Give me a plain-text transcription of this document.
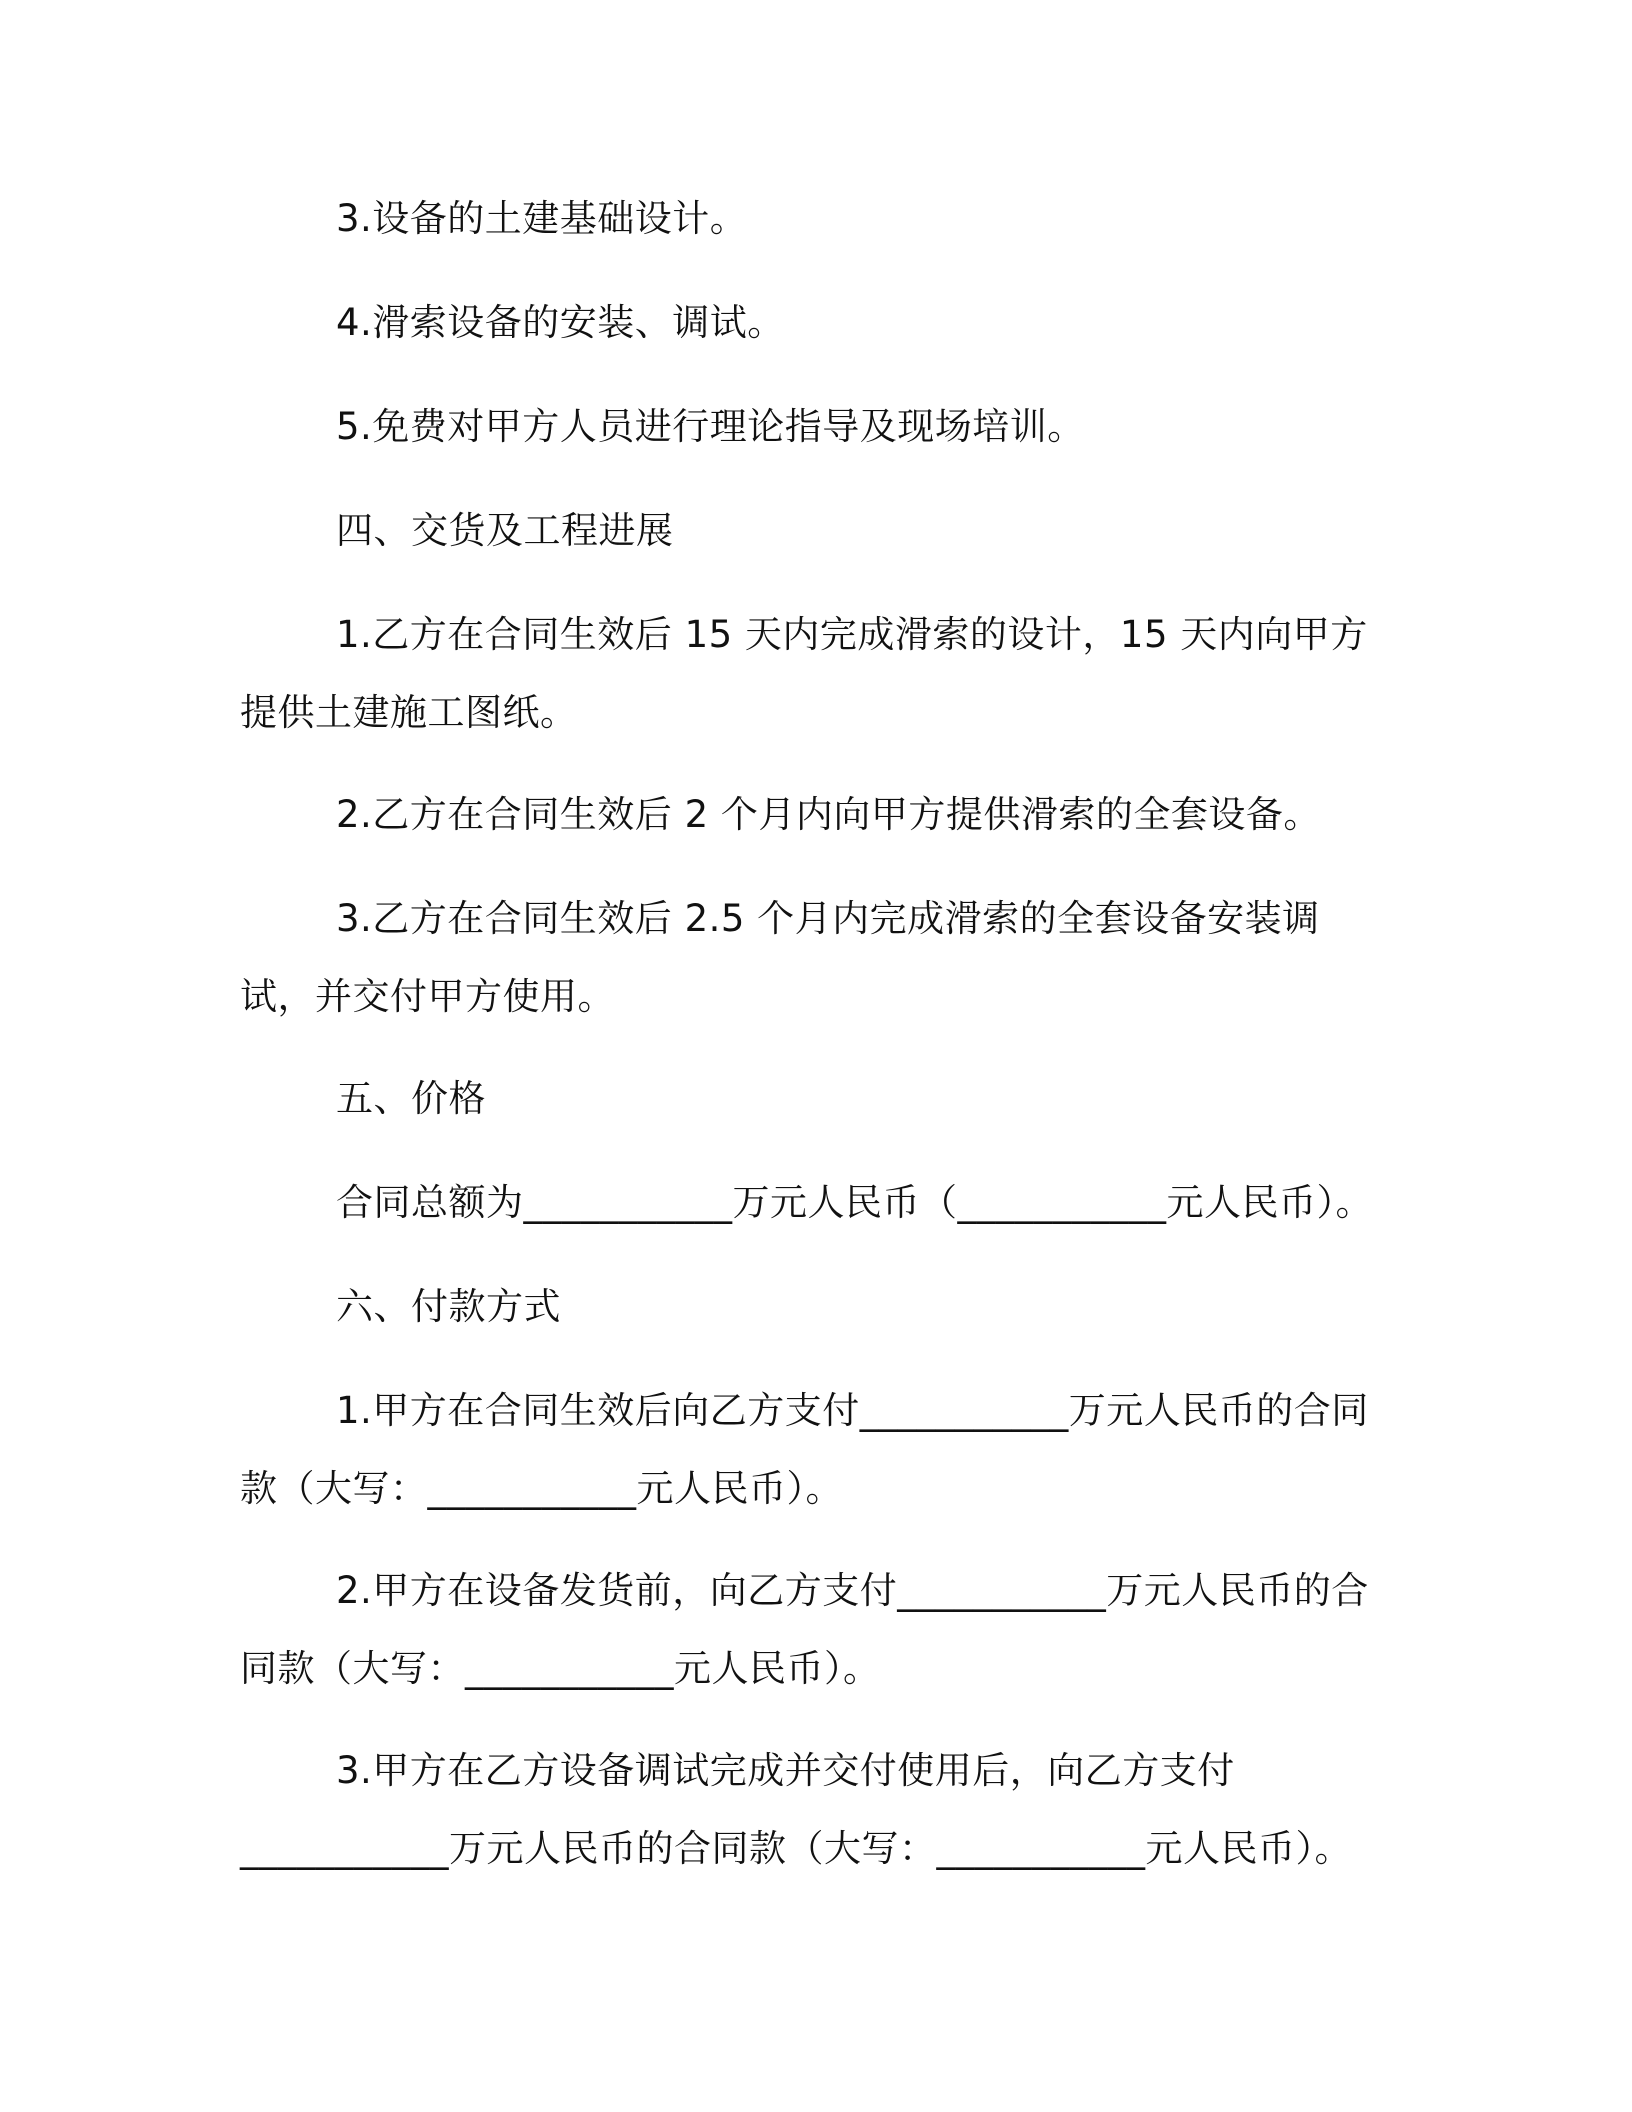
3.设备的土建基础设计。

4.滑索设备的安装、调试。

5.免费对甲方人员进行理论指导及现场培训。

四、交货及工程进展

1.乙方在合同生效后 15 天内完成滑索的设计，15 天内向甲方提供土建施工图纸。

2.乙方在合同生效后 2 个月内向甲方提供滑索的全套设备。

3.乙方在合同生效后 2.5 个月内完成滑索的全套设备安装调试，并交付甲方使用。

五、价格

合同总额为___________万元人民币（___________元人民币）。

六、付款方式

1.甲方在合同生效后向乙方支付___________万元人民币的合同款（大写：___________元人民币）。

2.甲方在设备发货前，向乙方支付___________万元人民币的合同款（大写：___________元人民币）。

3.甲方在乙方设备调试完成并交付使用后，向乙方支付___________万元人民币的合同款（大写：___________元人民币）。
